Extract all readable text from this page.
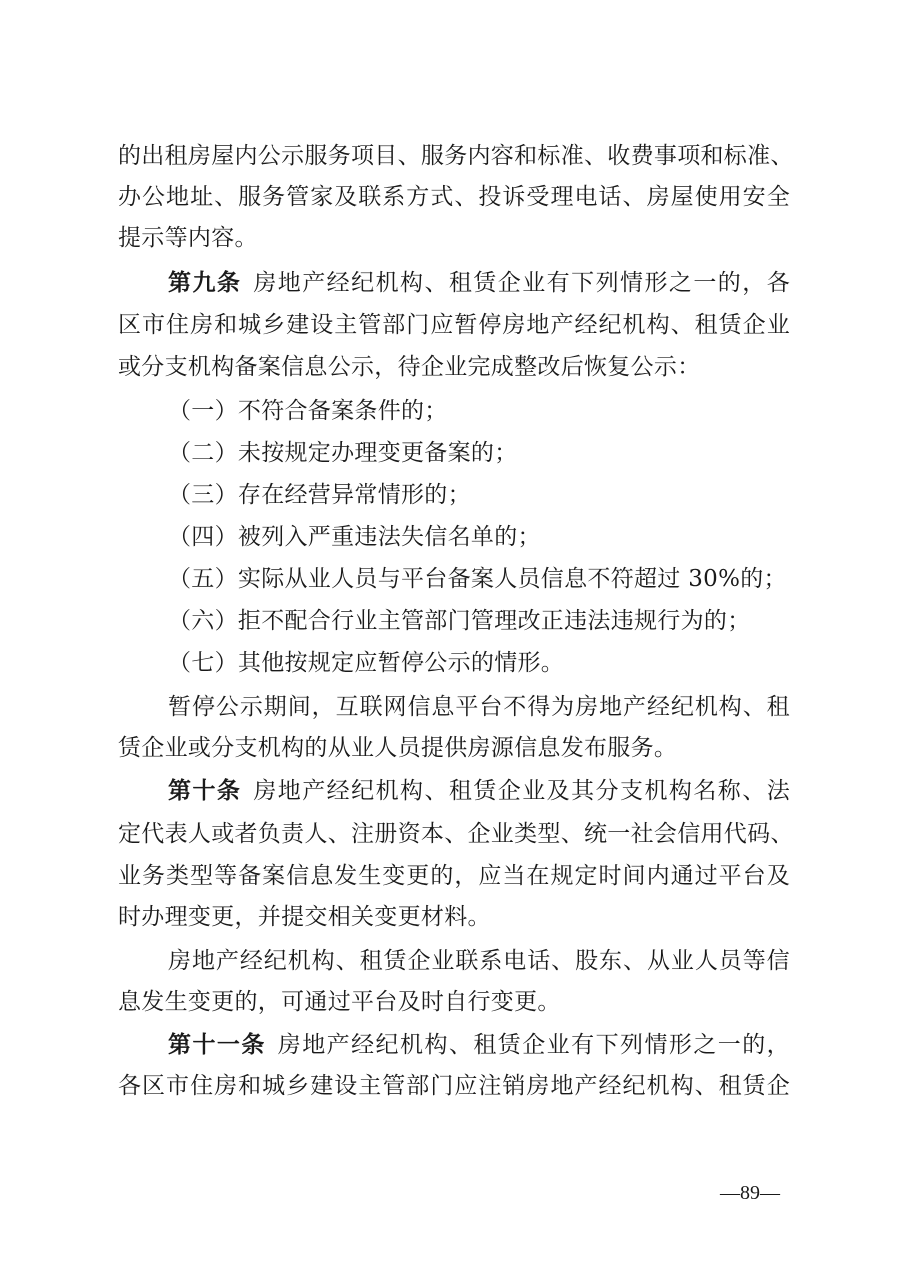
的出租房屋内公示服务项目、服务内容和标准、收费事项和标准、
办公地址、服务管家及联系方式、投诉受理电话、房屋使用安全
提示等内容。
第九条 房地产经纪机构、租赁企业有下列情形之一的，各
区市住房和城乡建设主管部门应暂停房地产经纪机构、租赁企业
或分支机构备案信息公示，待企业完成整改后恢复公示：
（一）不符合备案条件的；
（二）未按规定办理变更备案的；
（三）存在经营异常情形的；
（四）被列入严重违法失信名单的；
（五）实际从业人员与平台备案人员信息不符超过 30%的；
（六）拒不配合行业主管部门管理改正违法违规行为的；
（七）其他按规定应暂停公示的情形。
暂停公示期间，互联网信息平台不得为房地产经纪机构、租
赁企业或分支机构的从业人员提供房源信息发布服务。
第十条 房地产经纪机构、租赁企业及其分支机构名称、法
定代表人或者负责人、注册资本、企业类型、统一社会信用代码、
业务类型等备案信息发生变更的，应当在规定时间内通过平台及
时办理变更，并提交相关变更材料。
房地产经纪机构、租赁企业联系电话、股东、从业人员等信
息发生变更的，可通过平台及时自行变更。
第十一条 房地产经纪机构、租赁企业有下列情形之一的，
各区市住房和城乡建设主管部门应注销房地产经纪机构、租赁企
—89—
